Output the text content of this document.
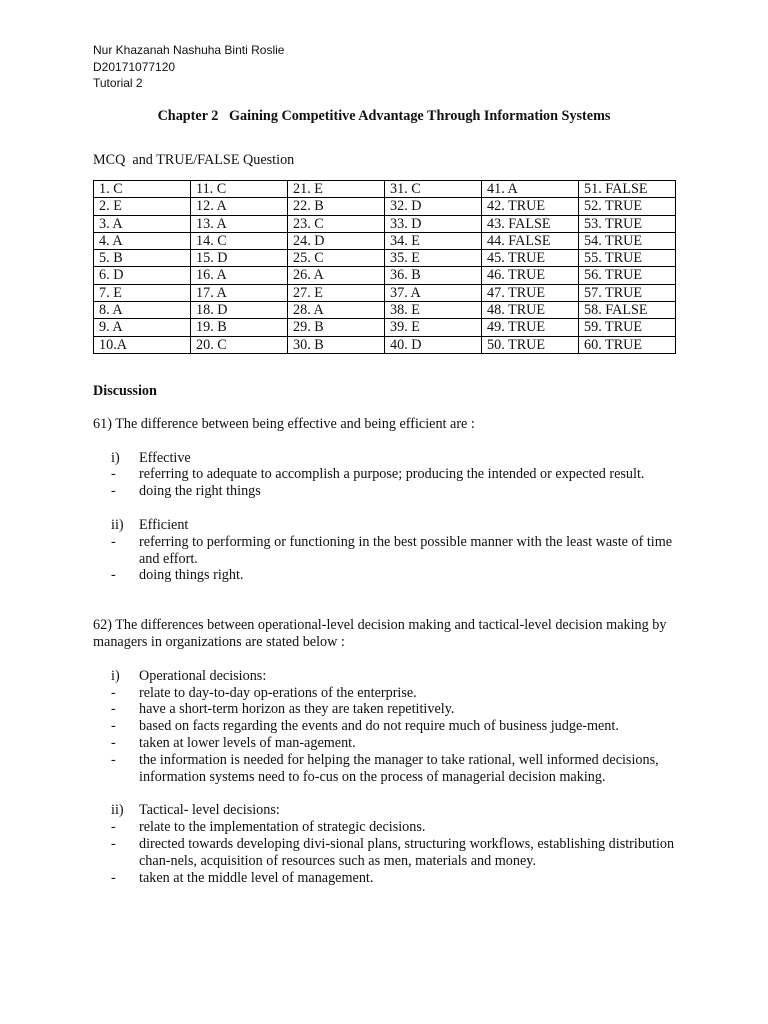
Nur Khazanah Nashuha Binti Roslie
D20171077120
Tutorial 2
Chapter 2   Gaining Competitive Advantage Through Information Systems
MCQ  and TRUE/FALSE Question
1. C	11. C	21. E	31. C	41. A	51. FALSE
2. E	12. A	22. B	32. D	42. TRUE	52. TRUE
3. A	13. A	23. C	33. D	43. FALSE	53. TRUE
4. A	14. C	24. D	34. E	44. FALSE	54. TRUE
5. B	15. D	25. C	35. E	45. TRUE	55. TRUE
6. D	16. A	26. A	36. B	46. TRUE	56. TRUE
7. E	17. A	27. E	37. A	47. TRUE	57. TRUE
8. A	18. D	28. A	38. E	48. TRUE	58. FALSE
9. A	19. B	29. B	39. E	49. TRUE	59. TRUE
10.A	20. C	30. B	40. D	50. TRUE	60. TRUE

Discussion

61) The difference between being effective and being efficient are :

i)	Effective
-	referring to adequate to accomplish a purpose; producing the intended or expected result.
-	doing the right things
ii)	Efficient
-	referring to performing or functioning in the best possible manner with the least waste of time and effort.
-	doing things right.

62) The differences between operational-level decision making and tactical-level decision making by managers in organizations are stated below :

i)	Operational decisions:
-	relate to day-to-day op-erations of the enterprise.
-	have a short-term horizon as they are taken repetitively.
-	based on facts regarding the events and do not require much of business judge-ment.
-	taken at lower levels of man-agement.
-	the information is needed for helping the manager to take rational, well informed decisions, information systems need to fo-cus on the process of managerial decision making.
ii)	Tactical- level decisions:
-	relate to the implementation of strategic decisions.
-	directed towards developing divi-sional plans, structuring workflows, establishing distribution chan-nels, acquisition of resources such as men, materials and money.
-	taken at the middle level of management.
